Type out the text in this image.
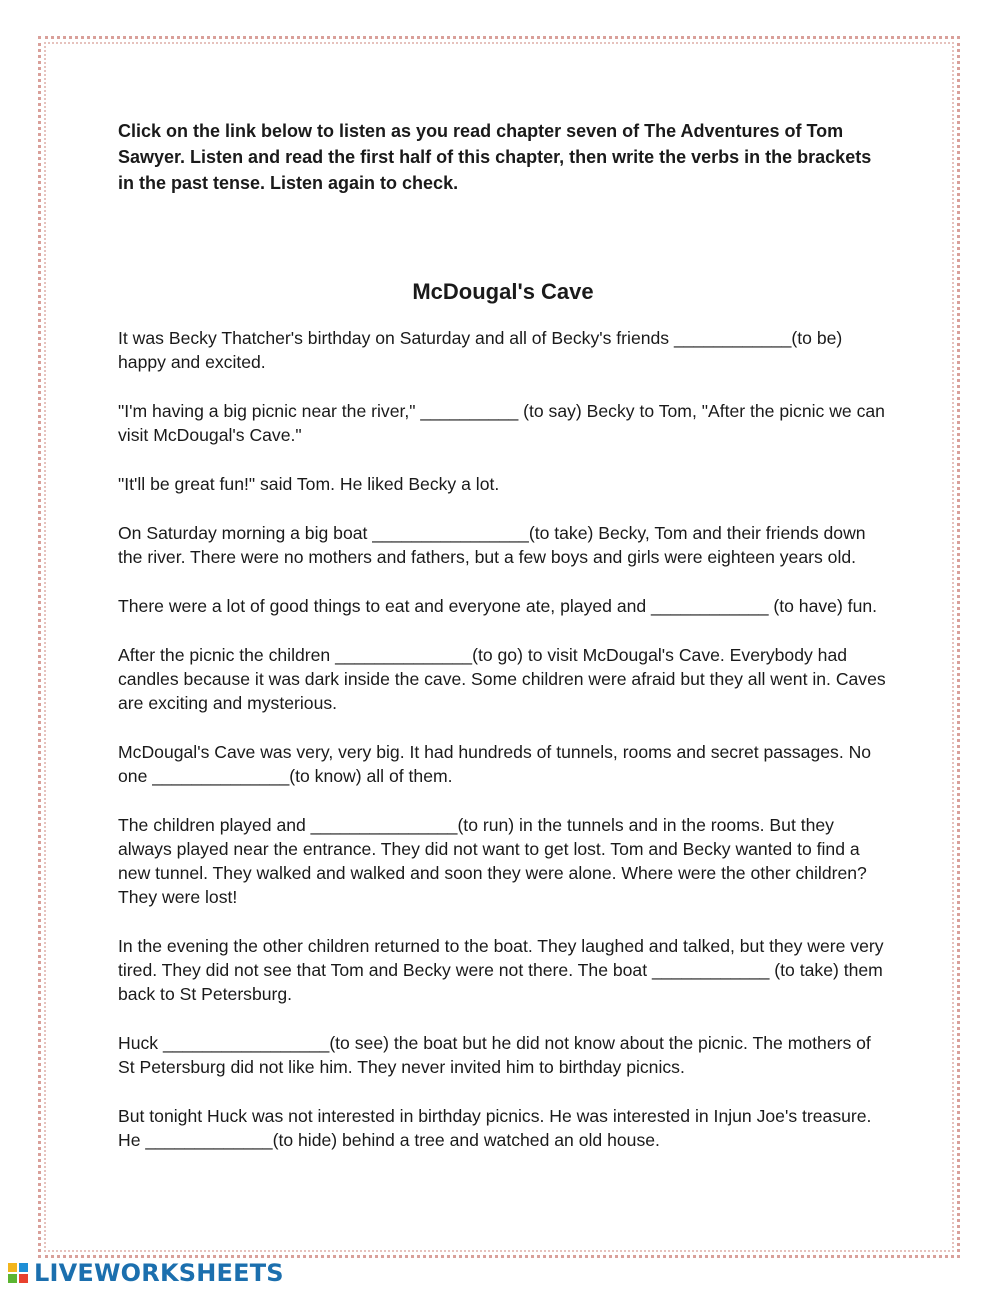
Click on the link below to listen as you read chapter seven of The Adventures of Tom Sawyer. Listen and read the first half of this chapter, then write the verbs in the brackets in the past tense. Listen again to check.

McDougal's Cave

It was Becky Thatcher's birthday on Saturday and all of Becky's friends ____________(to be) happy and excited.

"I'm having a big picnic near the river," __________ (to say) Becky to Tom, "After the picnic we can visit McDougal's Cave."

"It'll be great fun!" said Tom. He liked Becky a lot.

On Saturday morning a big boat ________________(to take) Becky, Tom and their friends down the river. There were no mothers and fathers, but a few boys and girls were eighteen years old.

There were a lot of good things to eat and everyone ate, played and ____________ (to have) fun.

After the picnic the children ______________(to go) to visit McDougal's Cave. Everybody had candles because it was dark inside the cave. Some children were afraid but they all went in. Caves are exciting and mysterious.

McDougal's Cave was very, very big. It had hundreds of tunnels, rooms and secret passages. No one ______________(to know) all of them.

The children played and _______________(to run) in the tunnels and in the rooms. But they always played near the entrance. They did not want to get lost. Tom and Becky wanted to find a new tunnel. They walked and walked and soon they were alone. Where were the other children? They were lost!

In the evening the other children returned to the boat. They laughed and talked, but they were very tired. They did not see that Tom and Becky were not there. The boat ____________ (to take) them back to St Petersburg.

Huck _________________(to see) the boat but he did not know about the picnic. The mothers of St Petersburg did not like him. They never invited him to birthday picnics.

But tonight Huck was not interested in birthday picnics. He was interested in Injun Joe's treasure. He _____________(to hide) behind a tree and watched an old house.

LIVEWORKSHEETS
